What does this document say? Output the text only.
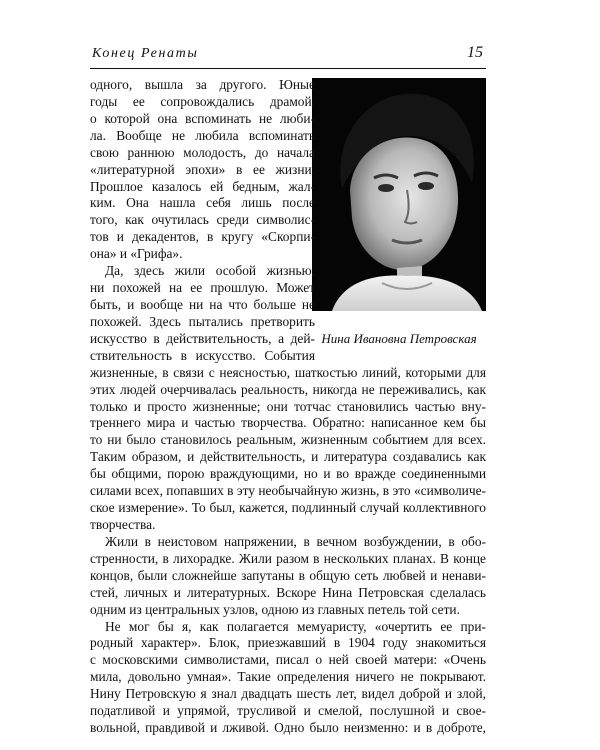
Конец Ренаты	15
Нина Ивановна Петровская
одного, вышла за другого. Юные
годы ее сопровождались драмой,
о которой она вспоминать не люби-
ла. Вообще не любила вспоминать
свою раннюю молодость, до начала
«литературной эпохи» в ее жизни.
Прошлое казалось ей бедным, жал-
ким. Она нашла себя лишь после
того, как очутилась среди символис-
тов и декадентов, в кругу «Скорпи-
она» и «Грифа».
Да, здесь жили особой жизнью,
ни похожей на ее прошлую. Может
быть, и вообще ни на что больше не
похожей. Здесь пытались претворить
искусство в действительность, а дей-
ствительность в искусство. События
жизненные, в связи с неясностью, шаткостью линий, которыми для
этих людей очерчивалась реальность, никогда не переживались, как
только и просто жизненные; они тотчас становились частью вну-
треннего мира и частью творчества. Обратно: написанное кем бы
то ни было становилось реальным, жизненным событием для всех.
Таким образом, и действительность, и литература создавались как
бы общими, порою враждующими, но и во вражде соединенными
силами всех, попавших в эту необычайную жизнь, в это «символиче-
ское измерение». То был, кажется, подлинный случай коллективного
творчества.
Жили в неистовом напряжении, в вечном возбуждении, в обо-
стренности, в лихорадке. Жили разом в нескольких планах. В конце
концов, были сложнейше запутаны в общую сеть любвей и ненави-
стей, личных и литературных. Вскоре Нина Петровская сделалась
одним из центральных узлов, одною из главных петель той сети.
Не мог бы я, как полагается мемуаристу, «очертить ее при-
родный характер». Блок, приезжавший в 1904 году знакомиться
с московскими символистами, писал о ней своей матери: «Очень
мила, довольно умная». Такие определения ничего не покрывают.
Нину Петровскую я знал двадцать шесть лет, видел доброй и злой,
податливой и упрямой, трусливой и смелой, послушной и свое-
вольной, правдивой и лживой. Одно было неизменно: и в доброте,
